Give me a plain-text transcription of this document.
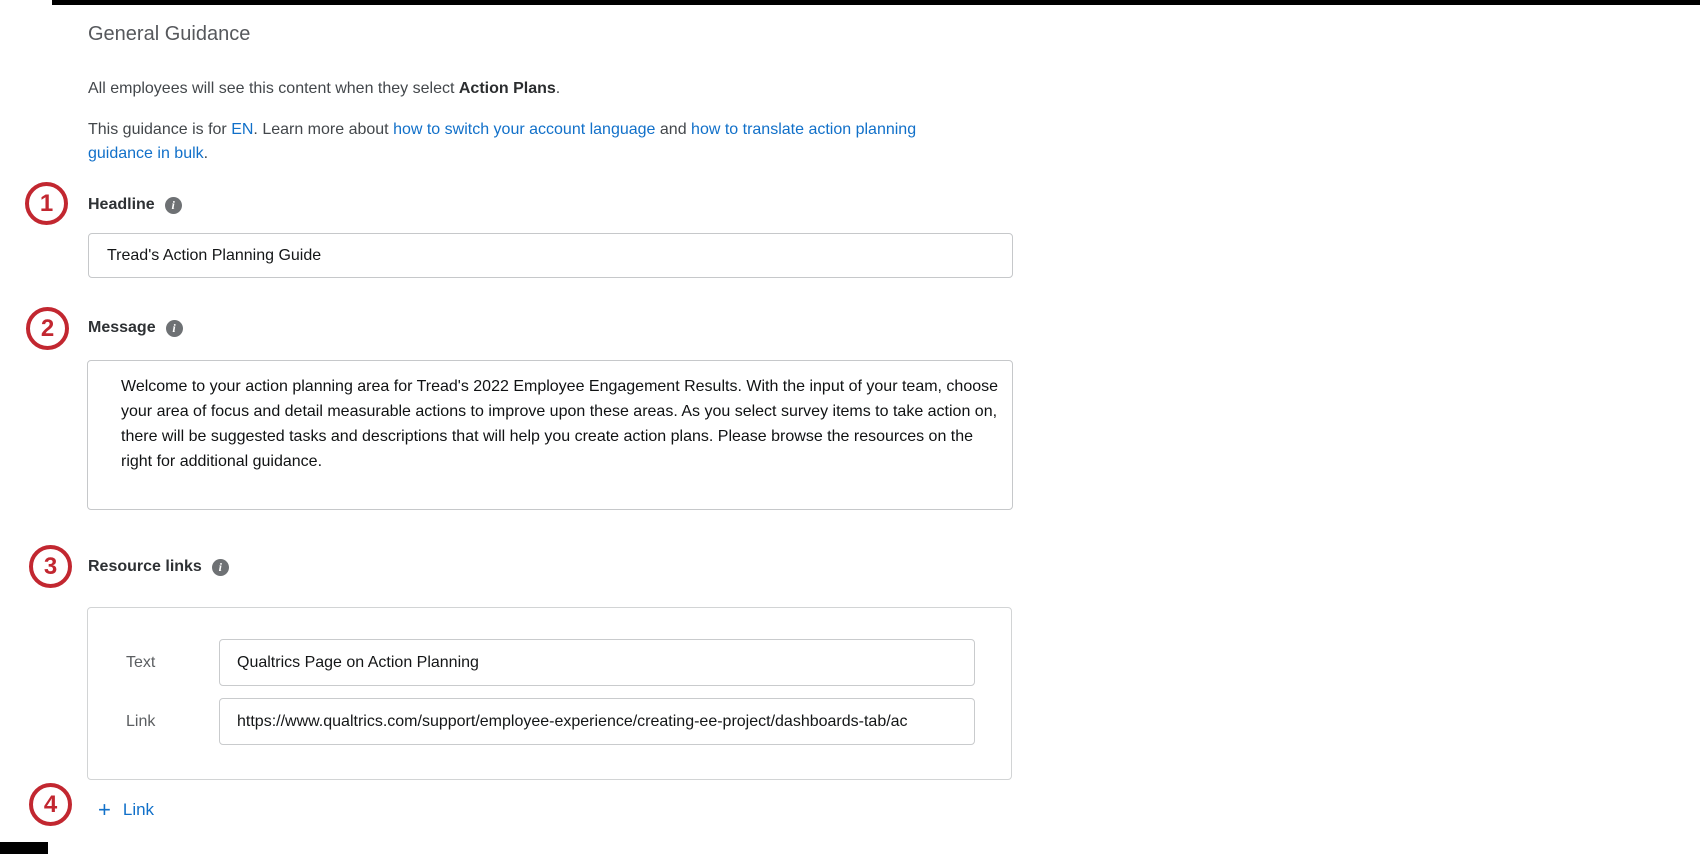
1
2
3
4
General Guidance

All employees will see this content when they select Action Plans.

This guidance is for EN. Learn more about how to switch your account language and how to translate action planning guidance in bulk.

Headline	i
Tread's Action Planning Guide
Message	i
Welcome to your action planning area for Tread's 2022 Employee Engagement Results. With the input of your team, choose your area of focus and detail measurable actions to improve upon these areas. As you select survey items to take action on, there will be suggested tasks and descriptions that will help you create action plans. Please browse the resources on the right for additional guidance.
Resource links	i
Text
Qualtrics Page on Action Planning
Link
https://www.qualtrics.com/support/employee-experience/creating-ee-project/dashboards-tab/ac
+ Link
